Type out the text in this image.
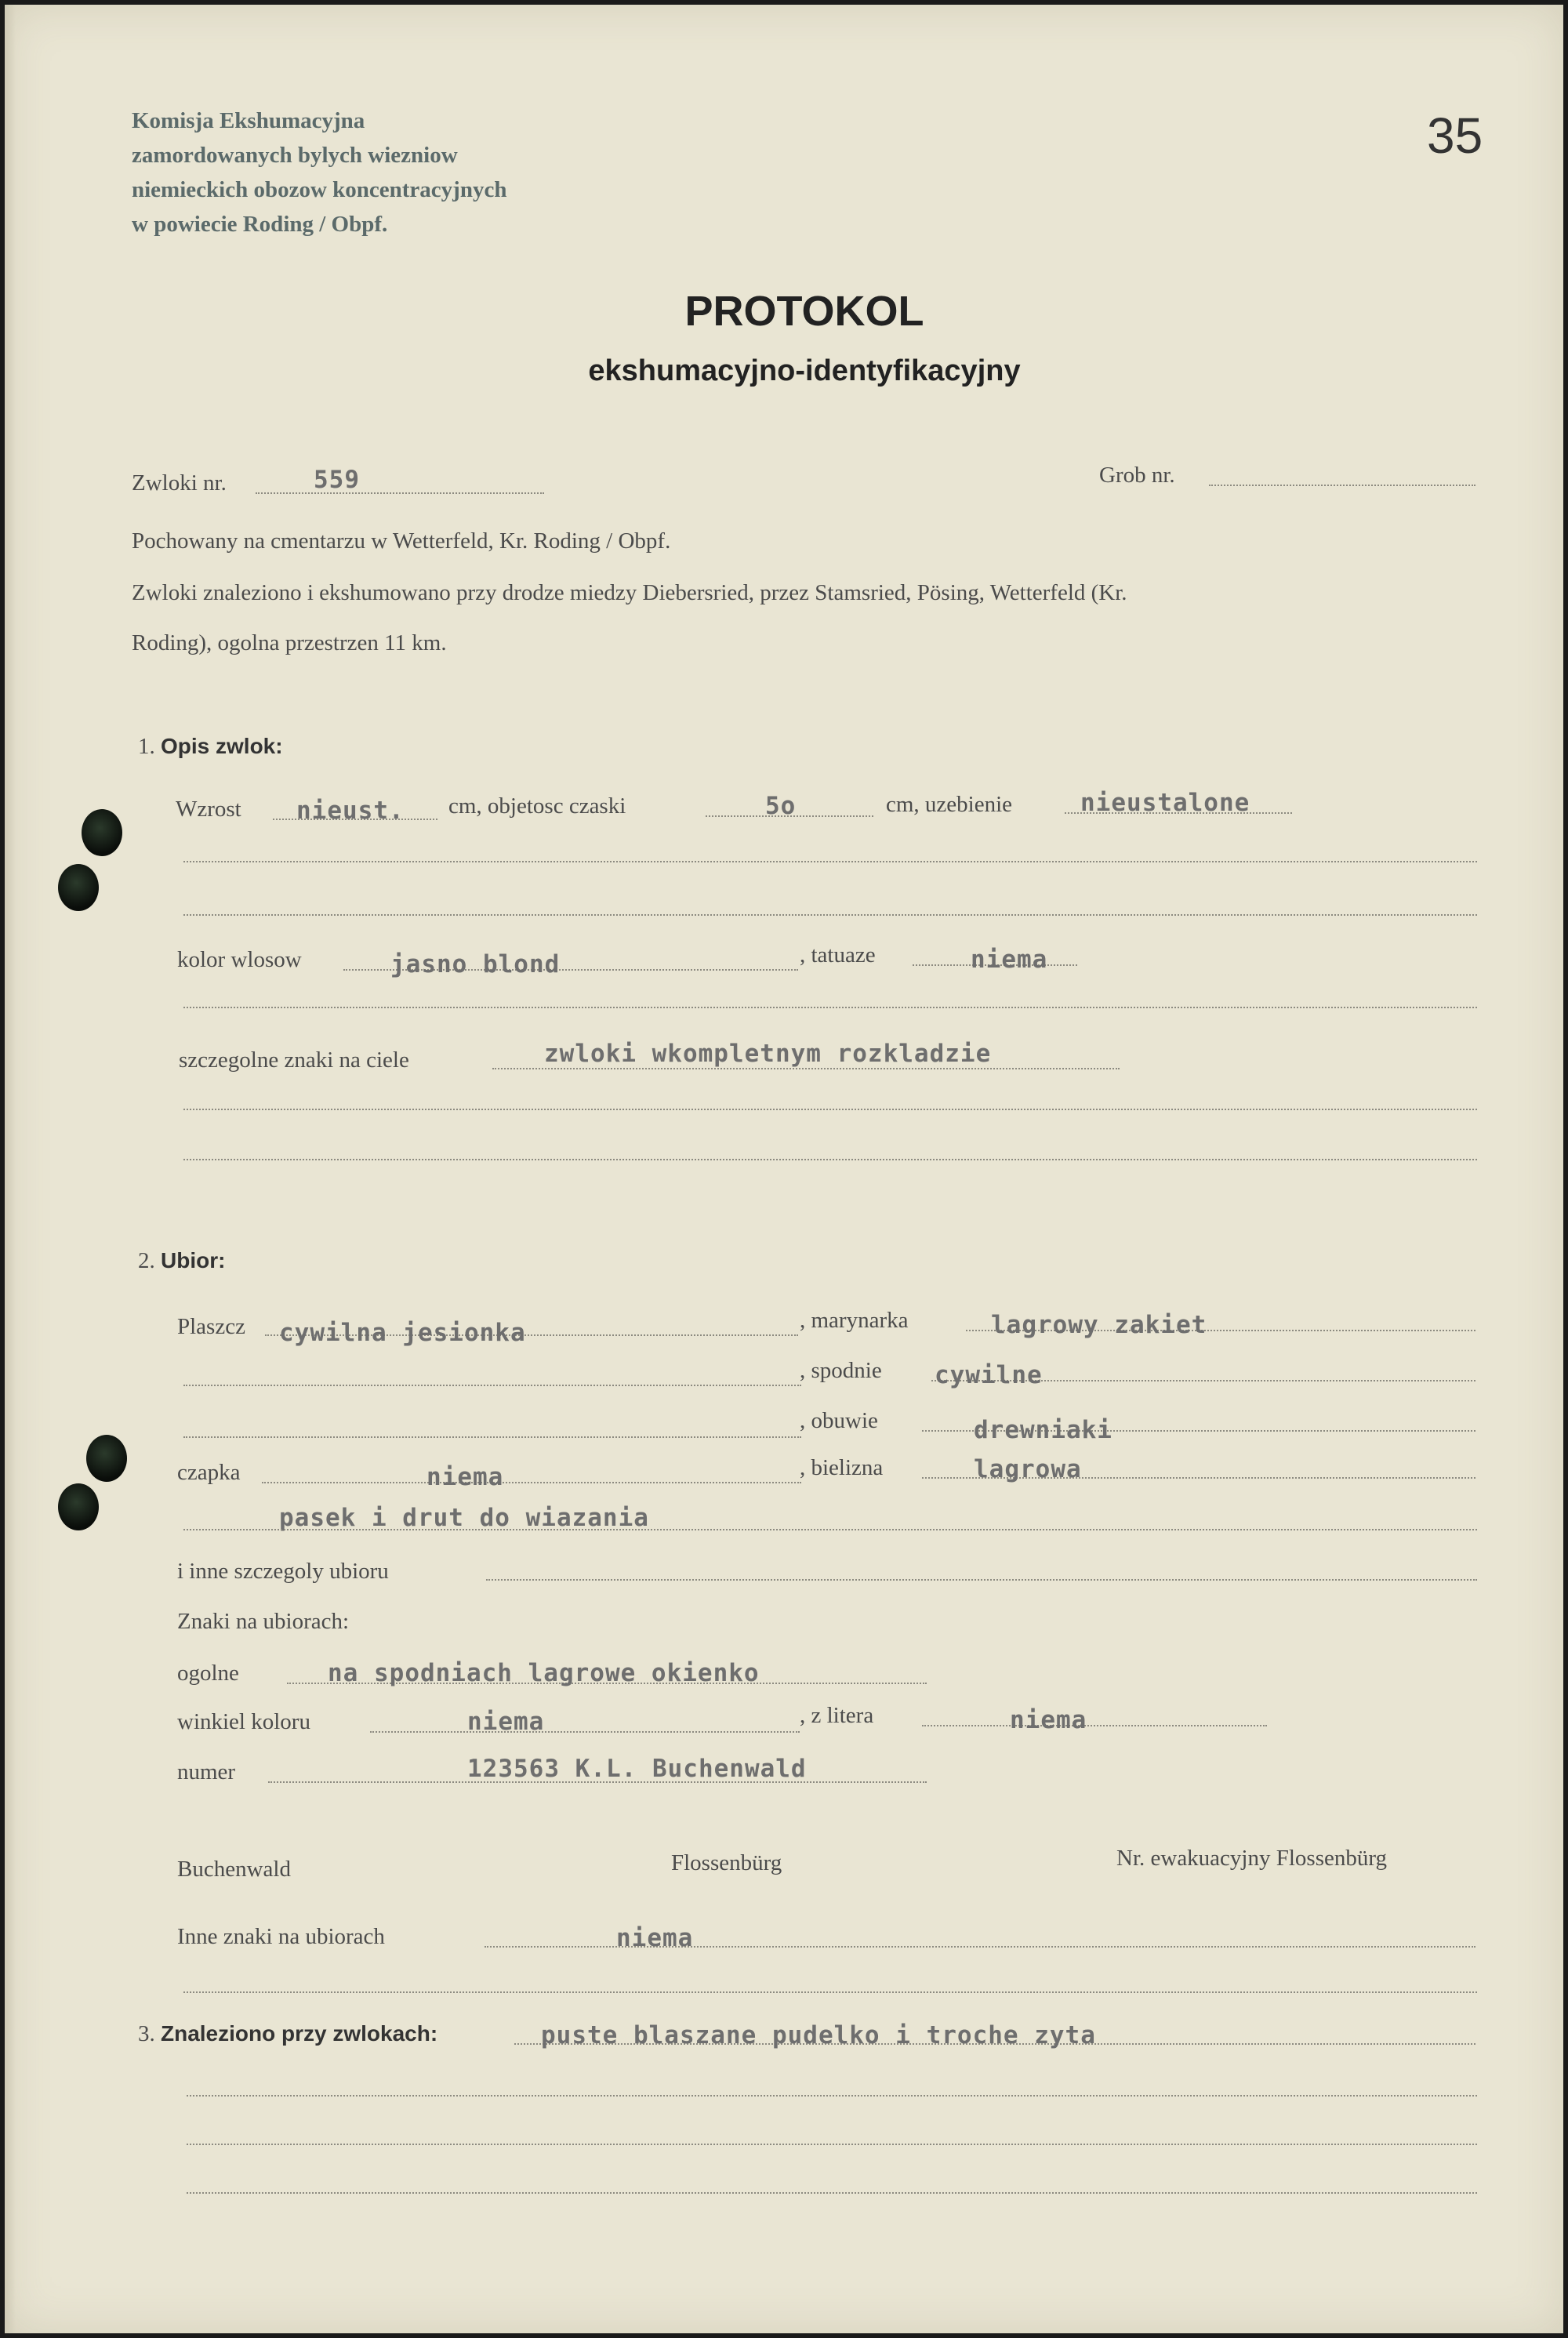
Komisja Ekshumacyjna
zamordowanych bylych wiezniow
niemieckich obozow koncentracyjnych
w powiecie Roding / Obpf.
35
PROTOKOL
ekshumacyjno-identyfikacyjny
Zwloki nr.	559	Grob nr.
Pochowany na cmentarzu w Wetterfeld, Kr. Roding / Obpf.
Zwloki znaleziono i ekshumowano przy drodze miedzy Diebersried, przez Stamsried, Pösing, Wetterfeld (Kr.
Roding), ogolna przestrzen 11 km.
1. Opis zwlok:
Wzrost nieust. cm, objetosc czaski	5o	cm, uzebienie	nieustalone
kolor wlosow	jasno blond	, tatuaze	niema
szczegolne znaki na ciele	zwloki wkompletnym rozkladzie
2. Ubior:
Plaszcz cywilna jesionka	, marynarka	lagrowy zakiet
, spodnie cywilne
, obuwie	drewniaki
czapka	niema	, bielizna	lagrowa
pasek i drut do wiazania
i inne szczegoly ubioru
Znaki na ubiorach:
ogolne	na spodniach lagrowe okienko
winkiel koloru	niema	, z litera	niema
numer	123563 K.L. Buchenwald
Buchenwald	Flossenbürg	Nr. ewakuacyjny Flossenbürg
Inne znaki na ubiorach	niema
3. Znaleziono przy zwlokach:	puste blaszane pudelko i troche zyta
